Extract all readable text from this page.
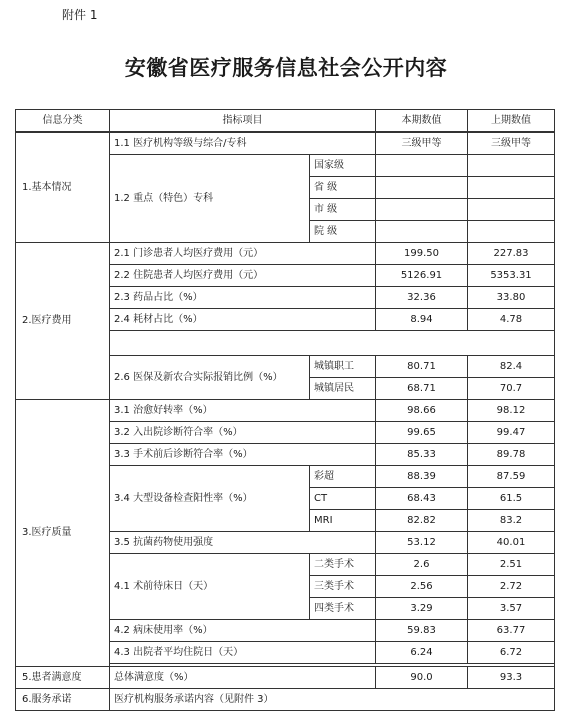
附件 1
安徽省医疗服务信息社会公开内容
信息分类	指标项目		本期数值	上期数值
1.基本情况	1.1 医疗机构等级与综合/专科		三级甲等	三级甲等
	1.2 重点（特色）专科	国家级		
		省 级		
		市 级		
		院 级		
2.医疗费用	2.1 门诊患者人均医疗费用（元）		199.50	227.83
	2.2 住院患者人均医疗费用（元）		5126.91	5353.31
	2.3 药品占比（%）		32.36	33.80
	2.4 耗材占比（%）		8.94	4.78

	2.6 医保及新农合实际报销比例（%）	城镇职工	80.71	82.4
		城镇居民	68.71	70.7
3.医疗质量	3.1 治愈好转率（%）		98.66	98.12
	3.2 入出院诊断符合率（%）		99.65	99.47
	3.3 手术前后诊断符合率（%）		85.33	89.78
	3.4 大型设备检查阳性率（%）	彩超	88.39	87.59
		CT	68.43	61.5
		MRI	82.82	83.2
	3.5 抗菌药物使用强度		53.12	40.01
	4.1 术前待床日（天）	二类手术	2.6	2.51
		三类手术	2.56	2.72
		四类手术	3.29	3.57
	4.2 病床使用率（%）		59.83	63.77
	4.3 出院者平均住院日（天）		6.24	6.72

5.患者满意度	总体满意度（%）		90.0	93.3
6.服务承诺	医疗机构服务承诺内容（见附件 3）			
